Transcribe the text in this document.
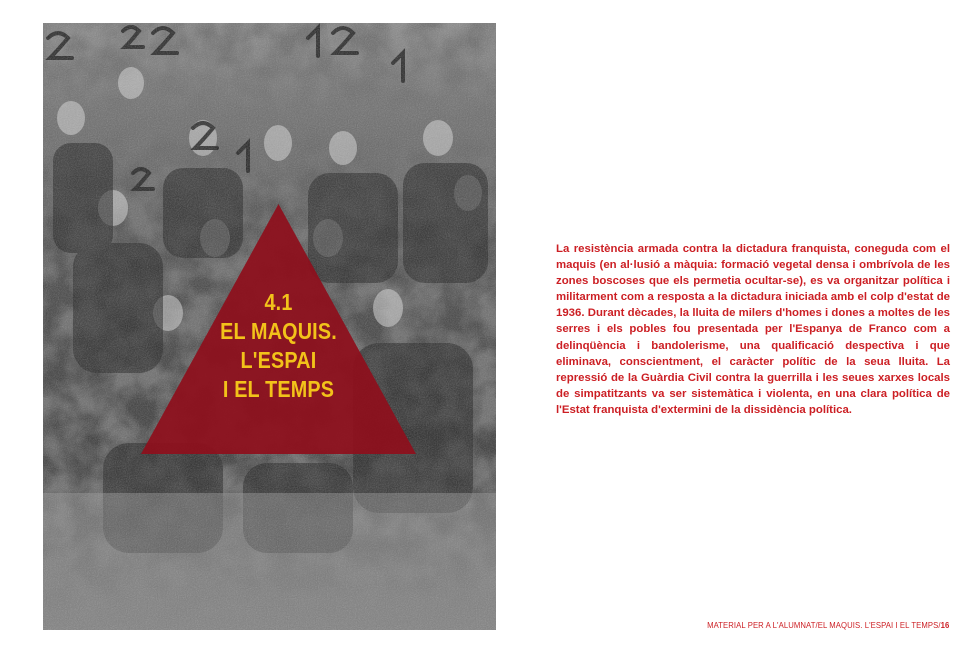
4.1
EL MAQUIS.
L'ESPAI
I EL TEMPS

La resistència armada contra la dictadura franquista, coneguda com el maquis (en al·lusió a màquia: formació vegetal densa i ombrívola de les zones boscoses que els permetia ocultar-se), es va organitzar política i militarment com a resposta a la dictadura iniciada amb el colp d'estat de 1936. Durant dècades, la lluita de milers d'homes i dones a moltes de les serres i els pobles fou presentada per l'Espanya de Franco com a delinqüència i bandolerisme, una qualificació despectiva i que eliminava, conscientment, el caràcter polític de la seua lluita. La repressió de la Guàrdia Civil contra la guerrilla i les seues xarxes locals de simpatitzants va ser sistemàtica i violenta, en una clara política de l'Estat franquista d'extermini de la dissidència política.

MATERIAL PER A L'ALUMNAT/EL MAQUIS. L'ESPAI I EL TEMPS/16
